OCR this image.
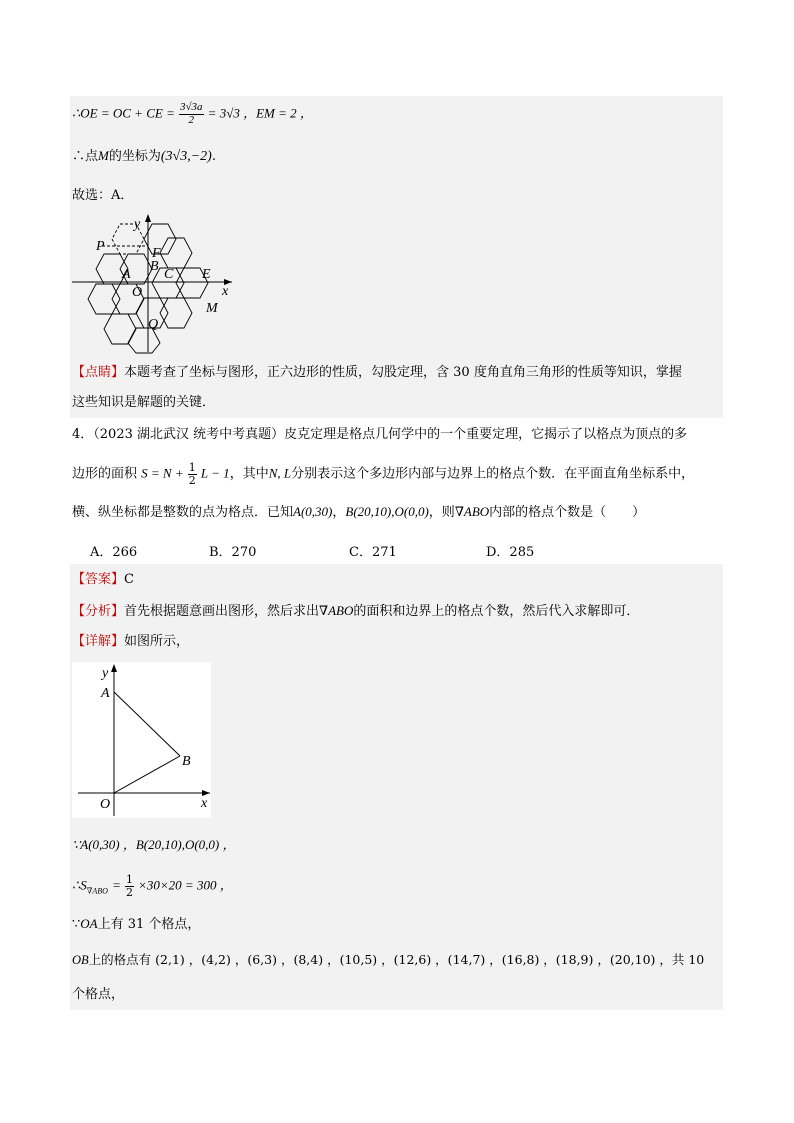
∴OE = OC + CE = $\frac{3√3a}{2} = 3√3$ ，EM = 2 ，
∴点M的坐标为(3√3,−2).
故选：A．
P
y
F
B
C E
A
O	x
M
Q
【点睛】本题考查了坐标与图形，正六边形的性质，勾股定理，含 30 度角直角三角形的性质等知识，掌握
这些知识是解题的关键．
4．（2023 湖北武汉 统考中考真题）皮克定理是格点几何学中的一个重要定理，它揭示了以格点为顶点的多
边形的面积 $S = N + \frac{1}{2}$ L − 1，其中N, L分别表示这个多边形内部与边界上的格点个数．在平面直角坐标系中，
横、纵坐标都是整数的点为格点．已知A(0,30)，B(20,10),O(0,0)，则∇ABO内部的格点个数是（　　）
A．266	B．270	C．271	D．285
【答案】C
【分析】首先根据题意画出图形，然后求出∇ABO的面积和边界上的格点个数，然后代入求解即可．
【详解】如图所示，
y
A
B
O	x
∵A(0,30) ，B(20,10),O(0,0) ，
$\therefore S_{\nabla ABO} = \frac{1}{2} \times 30\times 20 = 300$ ，
∵OA上有 31 个格点，
OB上的格点有 (2,1) ，(4,2) ，(6,3) ，(8,4) ，(10,5) ，(12,6) ，(14,7) ，(16,8) ，(18,9) ，(20,10) ，共 10
个格点，
